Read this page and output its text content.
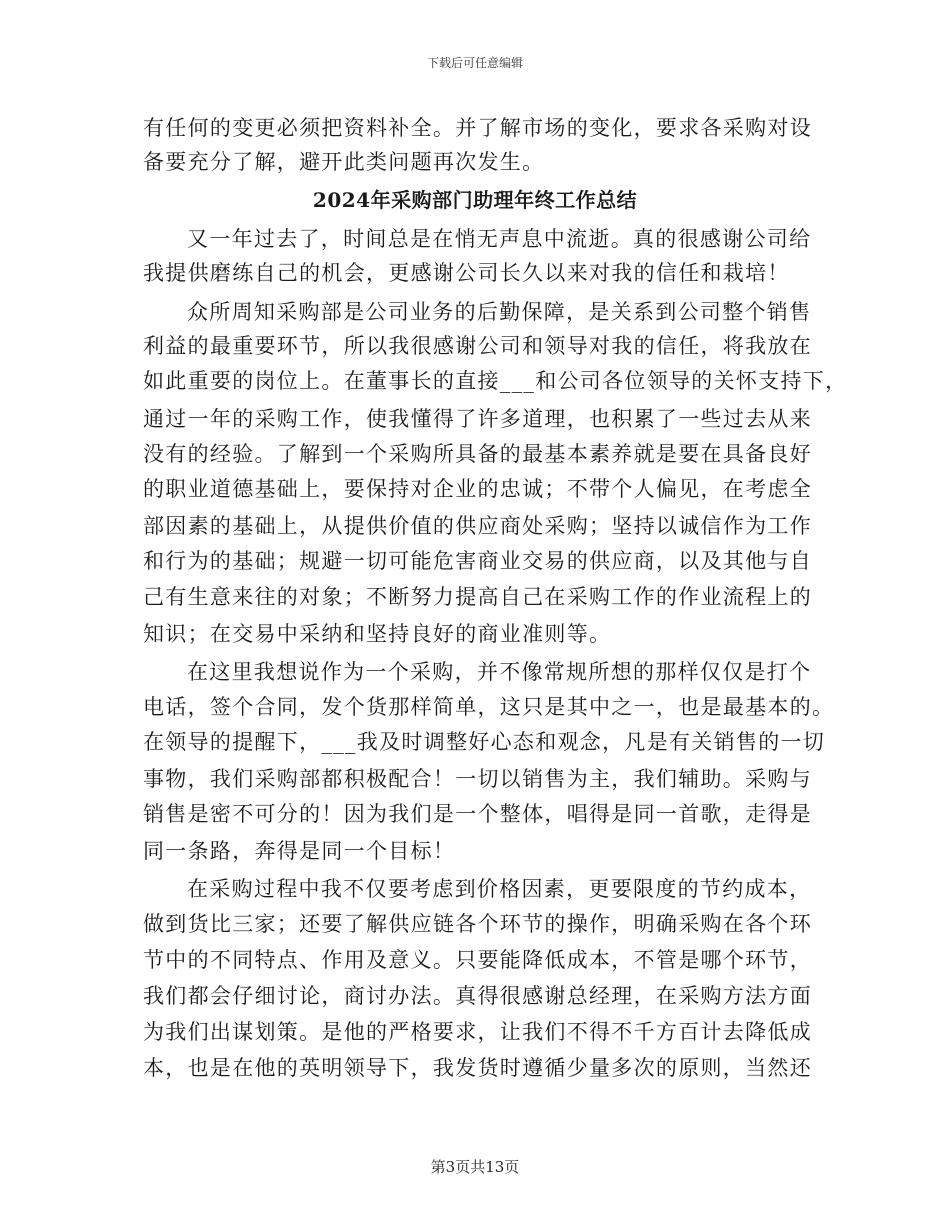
下载后可任意编辑
有任何的变更必须把资料补全。并了解市场的变化，要求各采购对设
备要充分了解，避开此类问题再次发生。
2024年采购部门助理年终工作总结
又一年过去了，时间总是在悄无声息中流逝。真的很感谢公司给
我提供磨练自己的机会，更感谢公司长久以来对我的信任和栽培！
众所周知采购部是公司业务的后勤保障，是关系到公司整个销售
利益的最重要环节，所以我很感谢公司和领导对我的信任，将我放在
如此重要的岗位上。在董事长的直接___和公司各位领导的关怀支持下，
通过一年的采购工作，使我懂得了许多道理，也积累了一些过去从来
没有的经验。了解到一个采购所具备的最基本素养就是要在具备良好
的职业道德基础上，要保持对企业的忠诚；不带个人偏见，在考虑全
部因素的基础上，从提供价值的供应商处采购；坚持以诚信作为工作
和行为的基础；规避一切可能危害商业交易的供应商，以及其他与自
己有生意来往的对象；不断努力提高自己在采购工作的作业流程上的
知识；在交易中采纳和坚持良好的商业准则等。
在这里我想说作为一个采购，并不像常规所想的那样仅仅是打个
电话，签个合同，发个货那样简单，这只是其中之一，也是最基本的。
在领导的提醒下，___我及时调整好心态和观念，凡是有关销售的一切
事物，我们采购部都积极配合！一切以销售为主，我们辅助。采购与
销售是密不可分的！因为我们是一个整体，唱得是同一首歌，走得是
同一条路，奔得是同一个目标！
在采购过程中我不仅要考虑到价格因素，更要限度的节约成本，
做到货比三家；还要了解供应链各个环节的操作，明确采购在各个环
节中的不同特点、作用及意义。只要能降低成本，不管是哪个环节，
我们都会仔细讨论，商讨办法。真得很感谢总经理，在采购方法方面
为我们出谋划策。是他的严格要求，让我们不得不千方百计去降低成
本，也是在他的英明领导下，我发货时遵循少量多次的原则，当然还
第3页共13页
